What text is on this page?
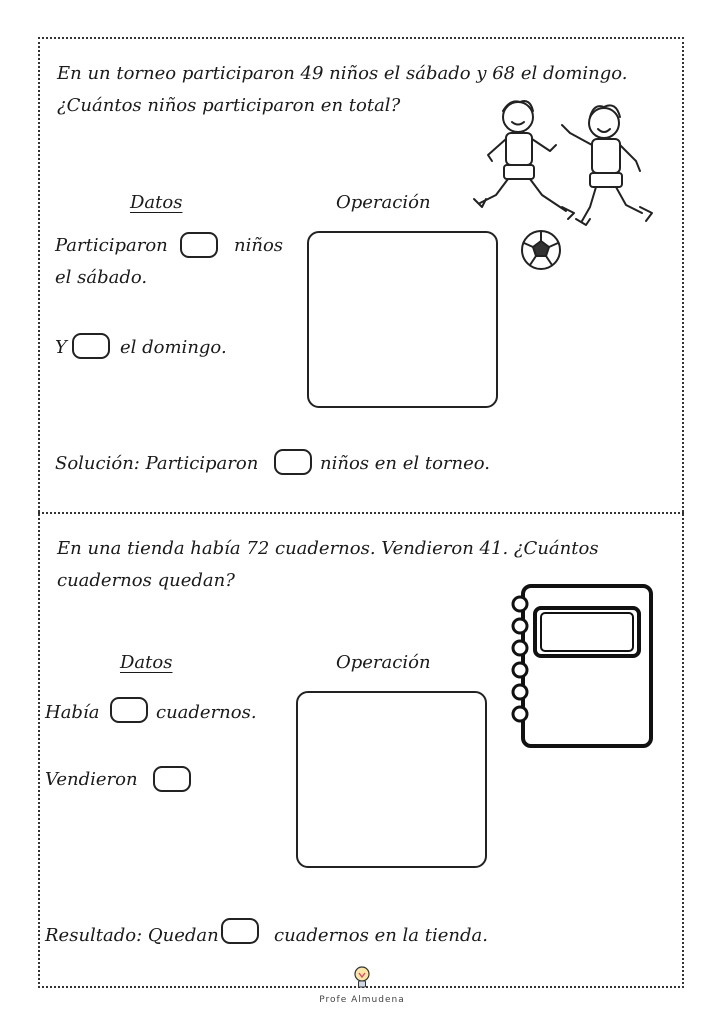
En un torneo participaron 49 niños el sábado y 68 el domingo.
¿Cuántos niños participaron en total?
Datos	Operación
Participaron	niños
el sábado.
Y	el domingo.
Solución: Participaron	niños en el torneo.
En una tienda había 72 cuadernos. Vendieron 41. ¿Cuántos
cuadernos quedan?
Datos	Operación
Había	cuadernos.
Vendieron
Resultado: Quedan	cuadernos en la tienda.
Profe Almudena
